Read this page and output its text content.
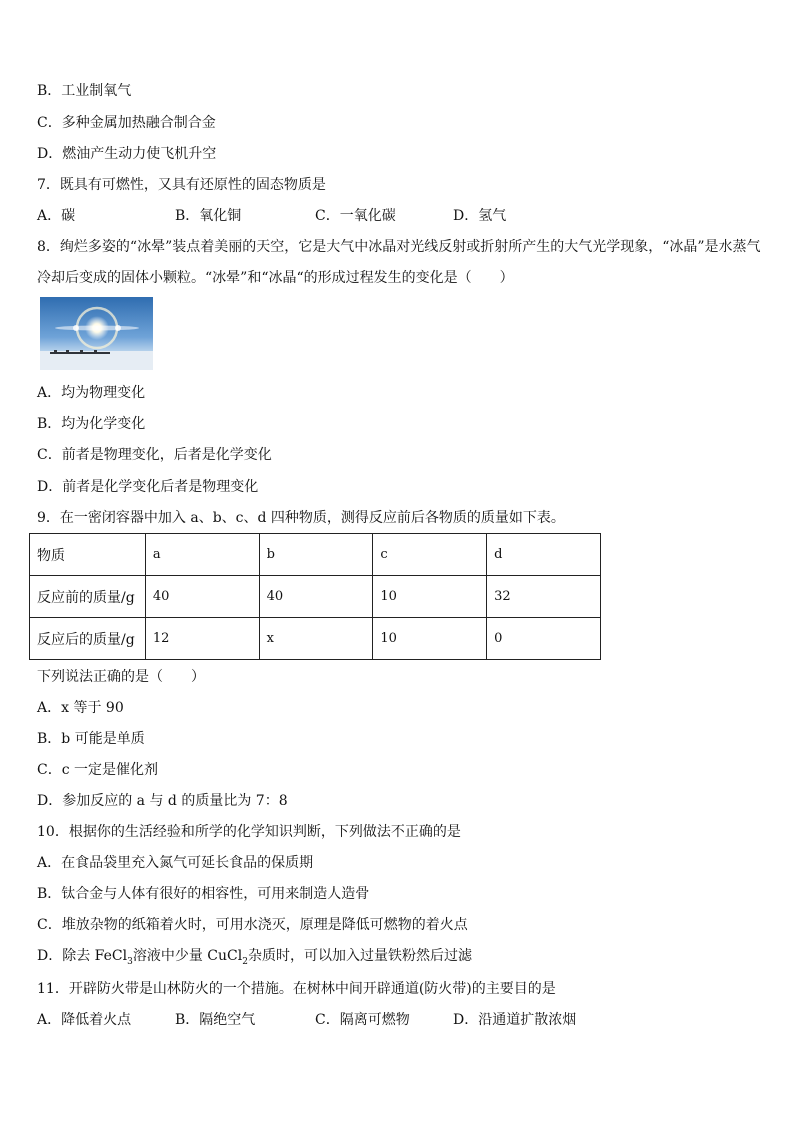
B．工业制氧气
C．多种金属加热融合制合金
D．燃油产生动力使飞机升空
7．既具有可燃性，又具有还原性的固态物质是
A．碳	B．氧化铜	C．一氧化碳	D．氢气
8．绚烂多姿的“冰晕”装点着美丽的天空，它是大气中冰晶对光线反射或折射所产生的大气光学现象，“冰晶”是水蒸气冷却后变成的固体小颗粒。“冰晕”和“冰晶“的形成过程发生的变化是（　　）
A．均为物理变化
B．均为化学变化
C．前者是物理变化，后者是化学变化
D．前者是化学变化后者是物理变化
9．在一密闭容器中加入 a、b、c、d 四种物质，测得反应前后各物质的质量如下表。
物质	a	b	c	d
反应前的质量/g	40	40	10	32
反应后的质量/g	12	x	10	0
下列说法正确的是（　　）
A．x 等于 90
B．b 可能是单质
C．c 一定是催化剂
D．参加反应的 a 与 d 的质量比为 7：8
10．根据你的生活经验和所学的化学知识判断，下列做法不正确的是
A．在食品袋里充入氮气可延长食品的保质期
B．钛合金与人体有很好的相容性，可用来制造人造骨
C．堆放杂物的纸箱着火时，可用水浇灭，原理是降低可燃物的着火点
D．除去 FeCl$_3$溶液中少量 CuCl$_2$杂质时，可以加入过量铁粉然后过滤
11．开辟防火带是山林防火的一个措施。在树林中间开辟通道(防火带)的主要目的是
A．降低着火点	B．隔绝空气	C．隔离可燃物	D．沿通道扩散浓烟
